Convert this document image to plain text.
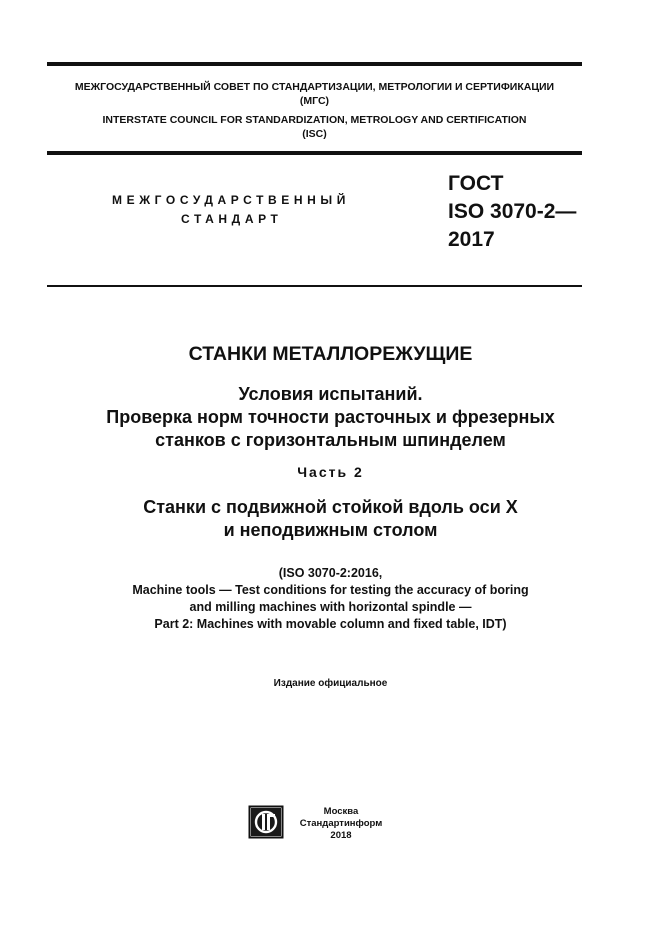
МЕЖГОСУДАРСТВЕННЫЙ СОВЕТ ПО СТАНДАРТИЗАЦИИ, МЕТРОЛОГИИ И СЕРТИФИКАЦИИ
(МГС)
INTERSTATE COUNCIL FOR STANDARDIZATION, METROLOGY AND CERTIFICATION
(ISC)
МЕЖГОСУДАРСТВЕННЫЙ
СТАНДАРТ
ГОСТ
ISO 3070-2—
2017
СТАНКИ МЕТАЛЛОРЕЖУЩИЕ
Условия испытаний.
Проверка норм точности расточных и фрезерных
станков с горизонтальным шпинделем
Часть 2
Станки с подвижной стойкой вдоль оси X
и неподвижным столом
(ISO 3070-2:2016,
Machine tools — Test conditions for testing the accuracy of boring
and milling machines with horizontal spindle —
Part 2: Machines with movable column and fixed table, IDT)
Издание официальное
Москва
Стандартинформ
2018
